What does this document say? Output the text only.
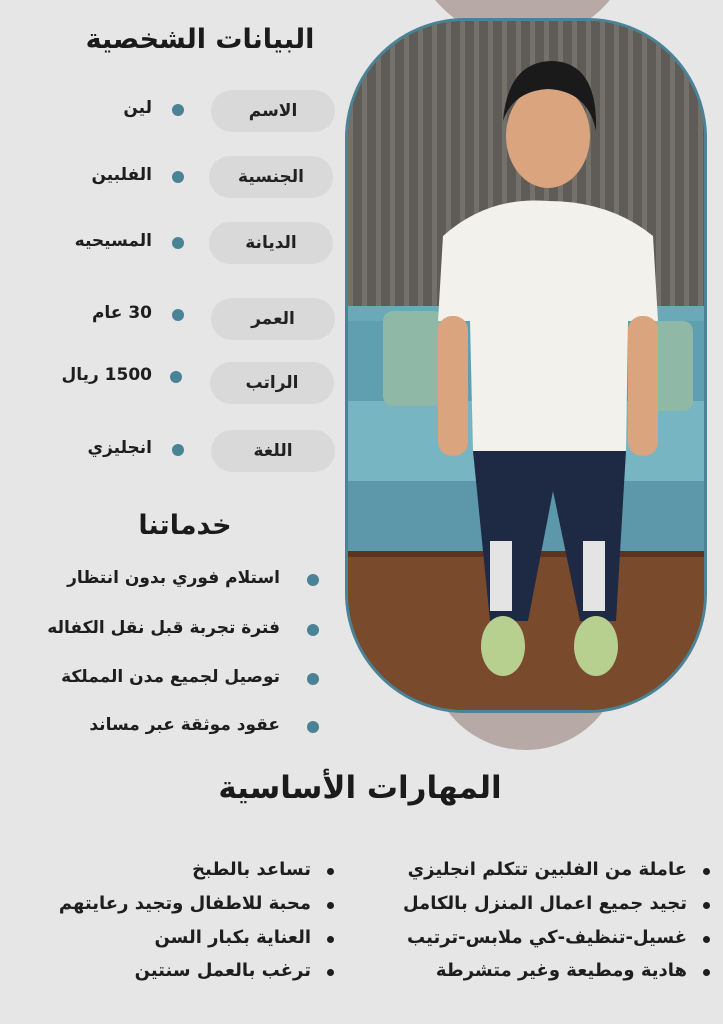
البيانات الشخصية
الاسم
لين
الجنسية
الفلبين
الديانة
المسيحيه
العمر
30 عام
الراتب
1500 ريال
اللغة
انجليزي
خدماتنا
استلام فوري بدون انتظار
فترة تجربة قبل نقل الكفاله
توصيل لجميع مدن المملكة
عقود موثقة عبر مساند
المهارات الأساسية
عاملة من الفلبين تتكلم انجليزي
تجيد جميع اعمال المنزل بالكامل
غسيل-تنظيف-كي ملابس-ترتيب
هادية ومطيعة وغير متشرطة
تساعد بالطبخ
محبة للاطفال وتجيد رعايتهم
العناية بكبار السن
ترغب بالعمل سنتين
